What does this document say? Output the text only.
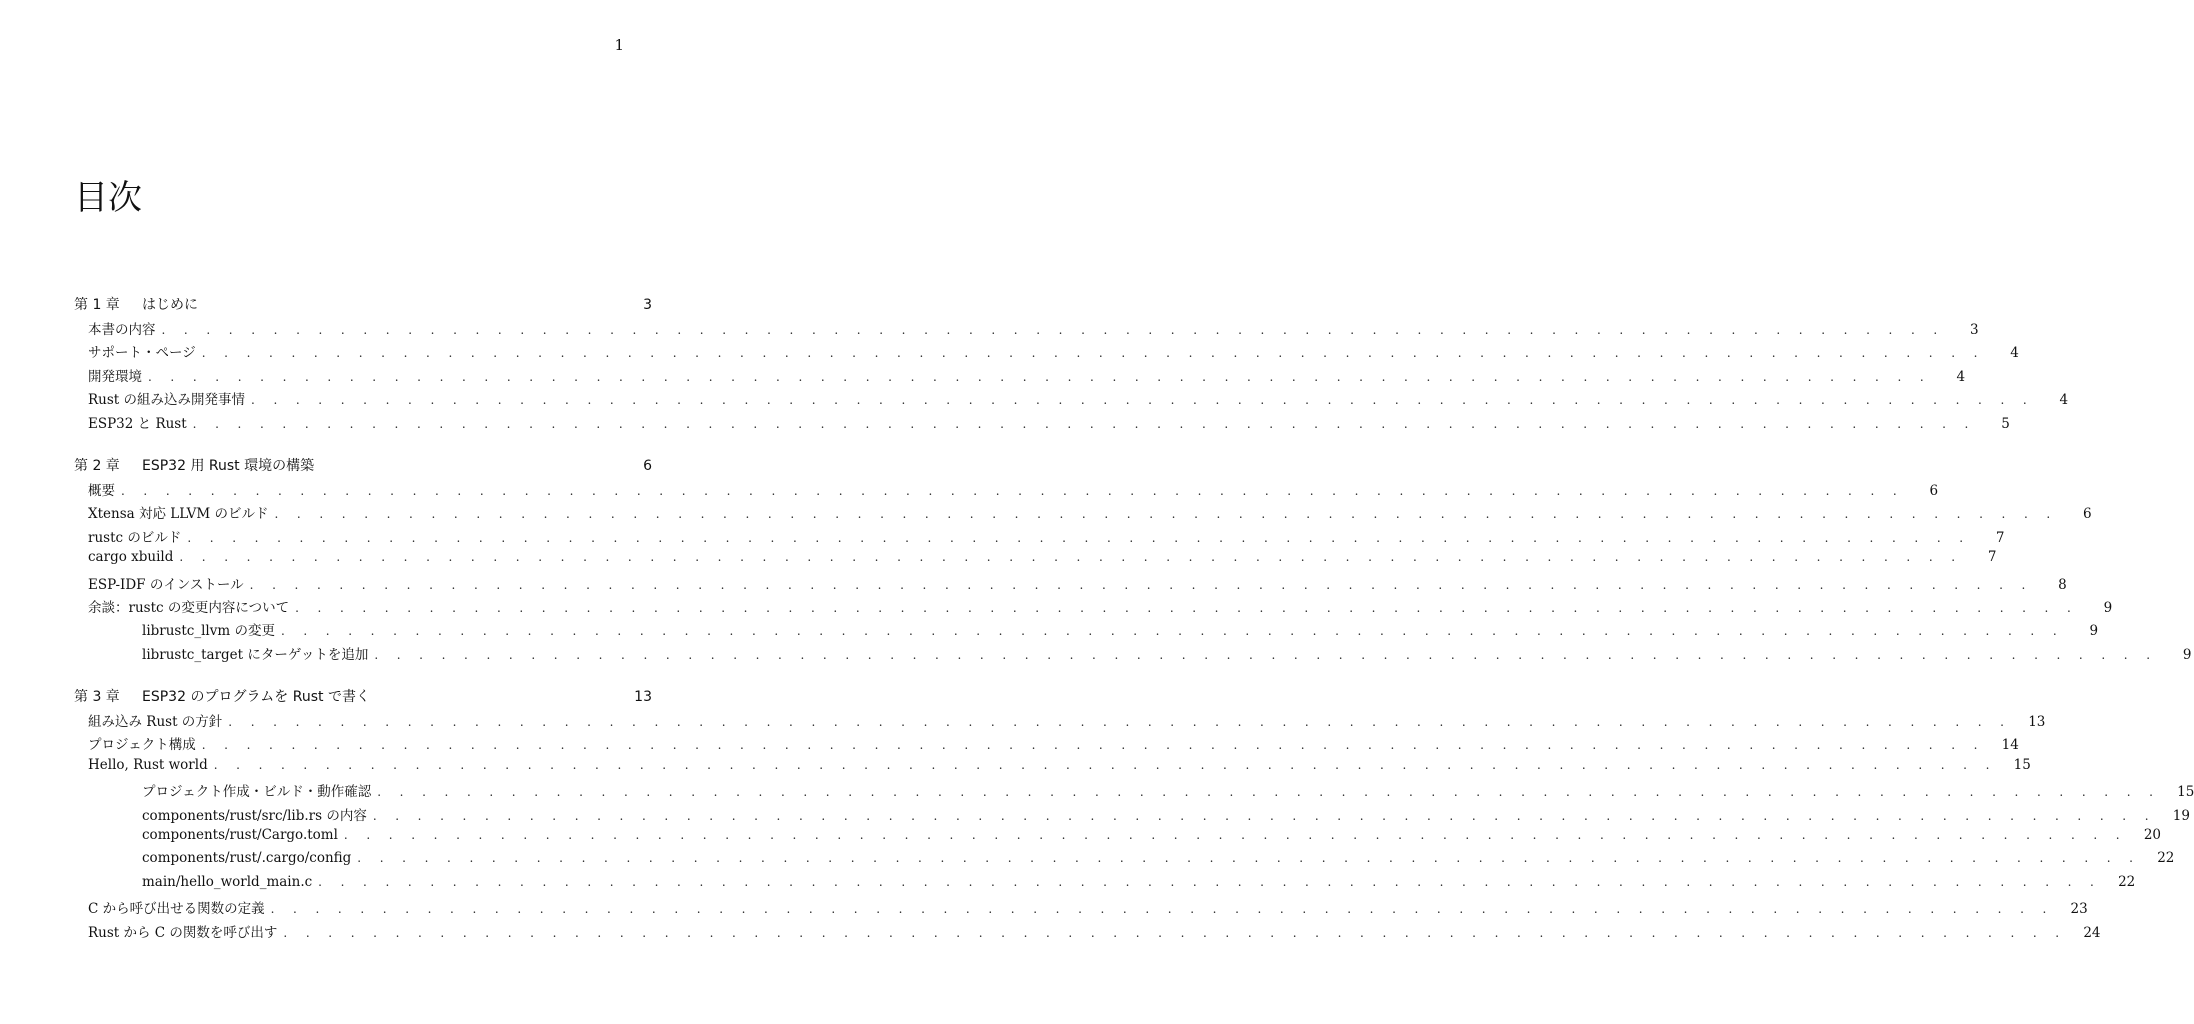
1
目次
第 1 章	はじめに	3
本書の内容 . . . . . . . . . . . . . . . . . . . . . . . . . . . . . . . . . . . . . . . . . . . . . . . . . . . . . . . . . . . . . . . . . . . . . . . . . . . . . . . .	3
サポート・ページ . . . . . . . . . . . . . . . . . . . . . . . . . . . . . . . . . . . . . . . . . . . . . . . . . . . . . . . . . . . . . . . . . . . . . . . . . . . . . . . .	4
開発環境 . . . . . . . . . . . . . . . . . . . . . . . . . . . . . . . . . . . . . . . . . . . . . . . . . . . . . . . . . . . . . . . . . . . . . . . . . . . . . . . .	4
Rust の組み込み開発事情 . . . . . . . . . . . . . . . . . . . . . . . . . . . . . . . . . . . . . . . . . . . . . . . . . . . . . . . . . . . . . . . . . . . . . . . . . . . . . . . .	4
ESP32 と Rust . . . . . . . . . . . . . . . . . . . . . . . . . . . . . . . . . . . . . . . . . . . . . . . . . . . . . . . . . . . . . . . . . . . . . . . . . . . . . . . .	5
第 2 章	ESP32 用 Rust 環境の構築	6
概要 . . . . . . . . . . . . . . . . . . . . . . . . . . . . . . . . . . . . . . . . . . . . . . . . . . . . . . . . . . . . . . . . . . . . . . . . . . . . . . . .	6
Xtensa 対応 LLVM のビルド . . . . . . . . . . . . . . . . . . . . . . . . . . . . . . . . . . . . . . . . . . . . . . . . . . . . . . . . . . . . . . . . . . . . . . . . . . . . . . . .	6
rustc のビルド . . . . . . . . . . . . . . . . . . . . . . . . . . . . . . . . . . . . . . . . . . . . . . . . . . . . . . . . . . . . . . . . . . . . . . . . . . . . . . . .	7
cargo xbuild . . . . . . . . . . . . . . . . . . . . . . . . . . . . . . . . . . . . . . . . . . . . . . . . . . . . . . . . . . . . . . . . . . . . . . . . . . . . . . . .	7
ESP-IDF のインストール . . . . . . . . . . . . . . . . . . . . . . . . . . . . . . . . . . . . . . . . . . . . . . . . . . . . . . . . . . . . . . . . . . . . . . . . . . . . . . . .	8
余談：rustc の変更内容について . . . . . . . . . . . . . . . . . . . . . . . . . . . . . . . . . . . . . . . . . . . . . . . . . . . . . . . . . . . . . . . . . . . . . . . . . . . . . . . .	9
librustc_llvm の変更 . . . . . . . . . . . . . . . . . . . . . . . . . . . . . . . . . . . . . . . . . . . . . . . . . . . . . . . . . . . . . . . . . . . . . . . . . . . . . . . .	9
librustc_target にターゲットを追加 . . . . . . . . . . . . . . . . . . . . . . . . . . . . . . . . . . . . . . . . . . . . . . . . . . . . . . . . . . . . . . . . . . . . . . . . . . . . . . . .	9
第 3 章	ESP32 のプログラムを Rust で書く	13
組み込み Rust の方針 . . . . . . . . . . . . . . . . . . . . . . . . . . . . . . . . . . . . . . . . . . . . . . . . . . . . . . . . . . . . . . . . . . . . . . . . . . . . . . . .	13
プロジェクト構成 . . . . . . . . . . . . . . . . . . . . . . . . . . . . . . . . . . . . . . . . . . . . . . . . . . . . . . . . . . . . . . . . . . . . . . . . . . . . . . . .	14
Hello, Rust world . . . . . . . . . . . . . . . . . . . . . . . . . . . . . . . . . . . . . . . . . . . . . . . . . . . . . . . . . . . . . . . . . . . . . . . . . . . . . . . .	15
プロジェクト作成・ビルド・動作確認 . . . . . . . . . . . . . . . . . . . . . . . . . . . . . . . . . . . . . . . . . . . . . . . . . . . . . . . . . . . . . . . . . . . . . . . . . . . . . . . .	15
components/rust/src/lib.rs の内容 . . . . . . . . . . . . . . . . . . . . . . . . . . . . . . . . . . . . . . . . . . . . . . . . . . . . . . . . . . . . . . . . . . . . . . . . . . . . . . . .	19
components/rust/Cargo.toml . . . . . . . . . . . . . . . . . . . . . . . . . . . . . . . . . . . . . . . . . . . . . . . . . . . . . . . . . . . . . . . . . . . . . . . . . . . . . . . .	20
components/rust/.cargo/config . . . . . . . . . . . . . . . . . . . . . . . . . . . . . . . . . . . . . . . . . . . . . . . . . . . . . . . . . . . . . . . . . . . . . . . . . . . . . . . .	22
main/hello_world_main.c . . . . . . . . . . . . . . . . . . . . . . . . . . . . . . . . . . . . . . . . . . . . . . . . . . . . . . . . . . . . . . . . . . . . . . . . . . . . . . . .	22
C から呼び出せる関数の定義 . . . . . . . . . . . . . . . . . . . . . . . . . . . . . . . . . . . . . . . . . . . . . . . . . . . . . . . . . . . . . . . . . . . . . . . . . . . . . . . .	23
Rust から C の関数を呼び出す . . . . . . . . . . . . . . . . . . . . . . . . . . . . . . . . . . . . . . . . . . . . . . . . . . . . . . . . . . . . . . . . . . . . . . . . . . . . . . . .	24
